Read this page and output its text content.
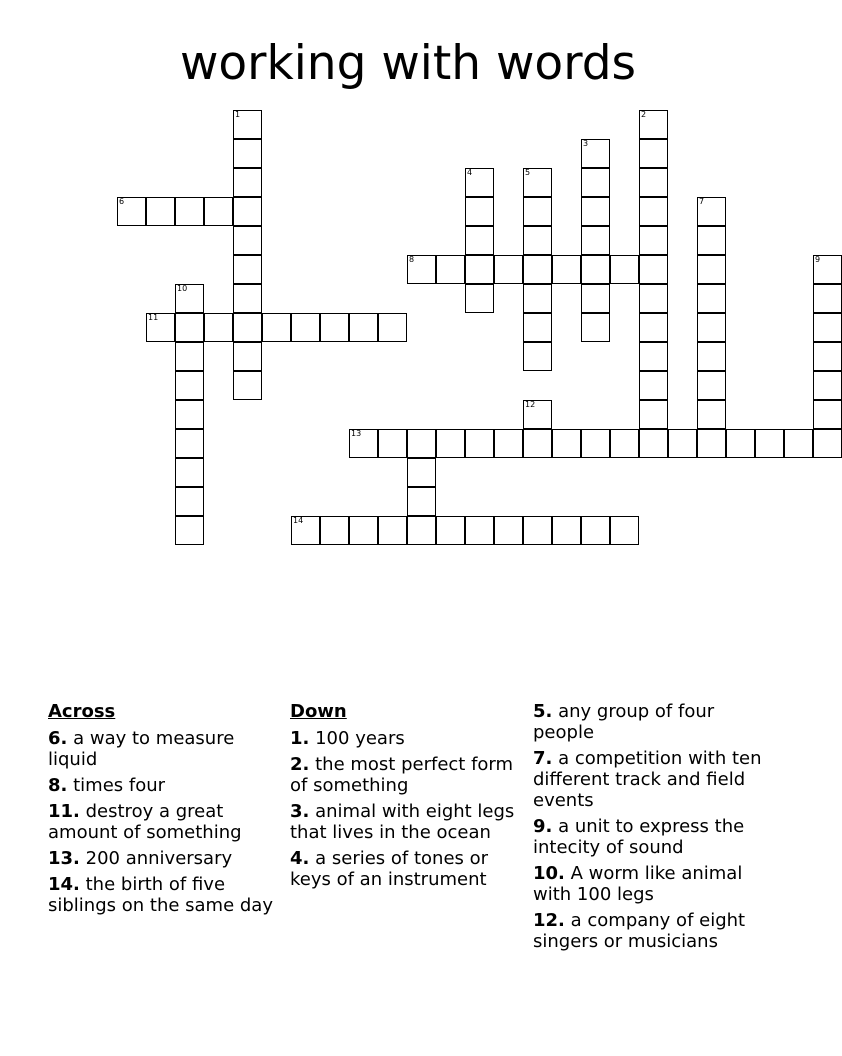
working with words
1	2
3
4	5
6	7
8	9
10
11
12
13
14
Across
6. a way to measure liquid
8. times four
11. destroy a great amount of something
13. 200 anniversary
14. the birth of five siblings on the same day
Down
1. 100 years
2. the most perfect form of something
3. animal with eight legs that lives in the ocean
4. a series of tones or keys of an instrument
5. any group of four people
7. a competition with ten different track and field events
9. a unit to express the intecity of sound
10. A worm like animal with 100 legs
12. a company of eight singers or musicians
